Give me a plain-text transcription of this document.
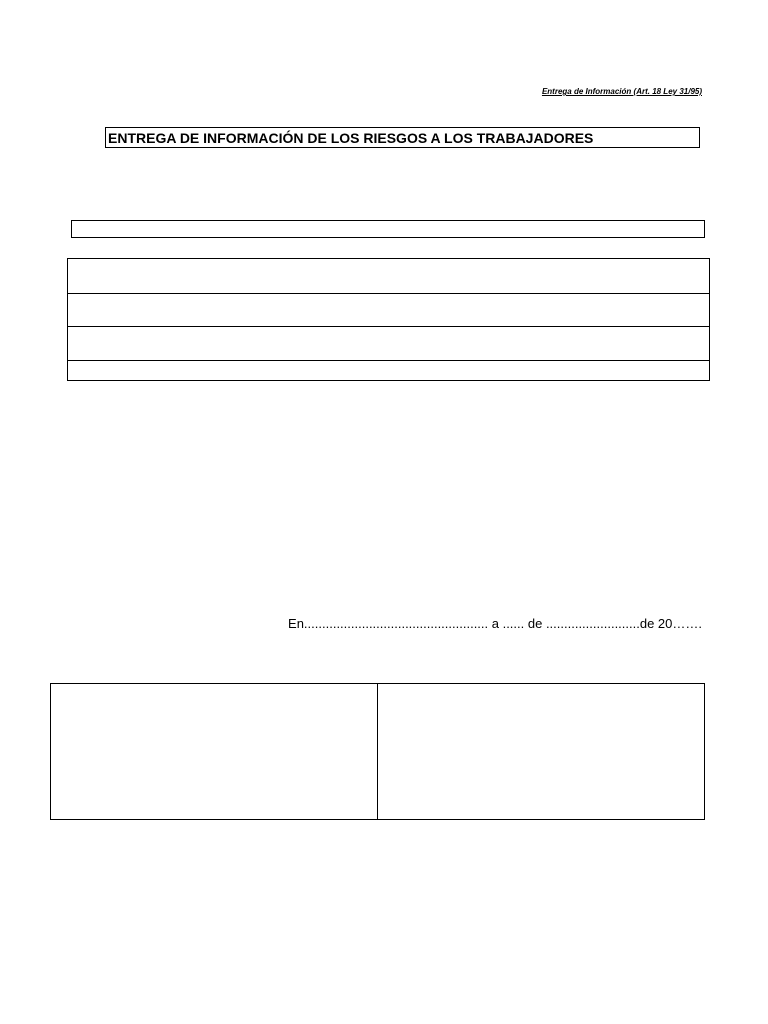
Entrega de Información (Art. 18 Ley 31/95)
ENTREGA DE INFORMACIÓN DE LOS RIESGOS A LOS TRABAJADORES
En................................................... a ...... de ..........................de 20…….
